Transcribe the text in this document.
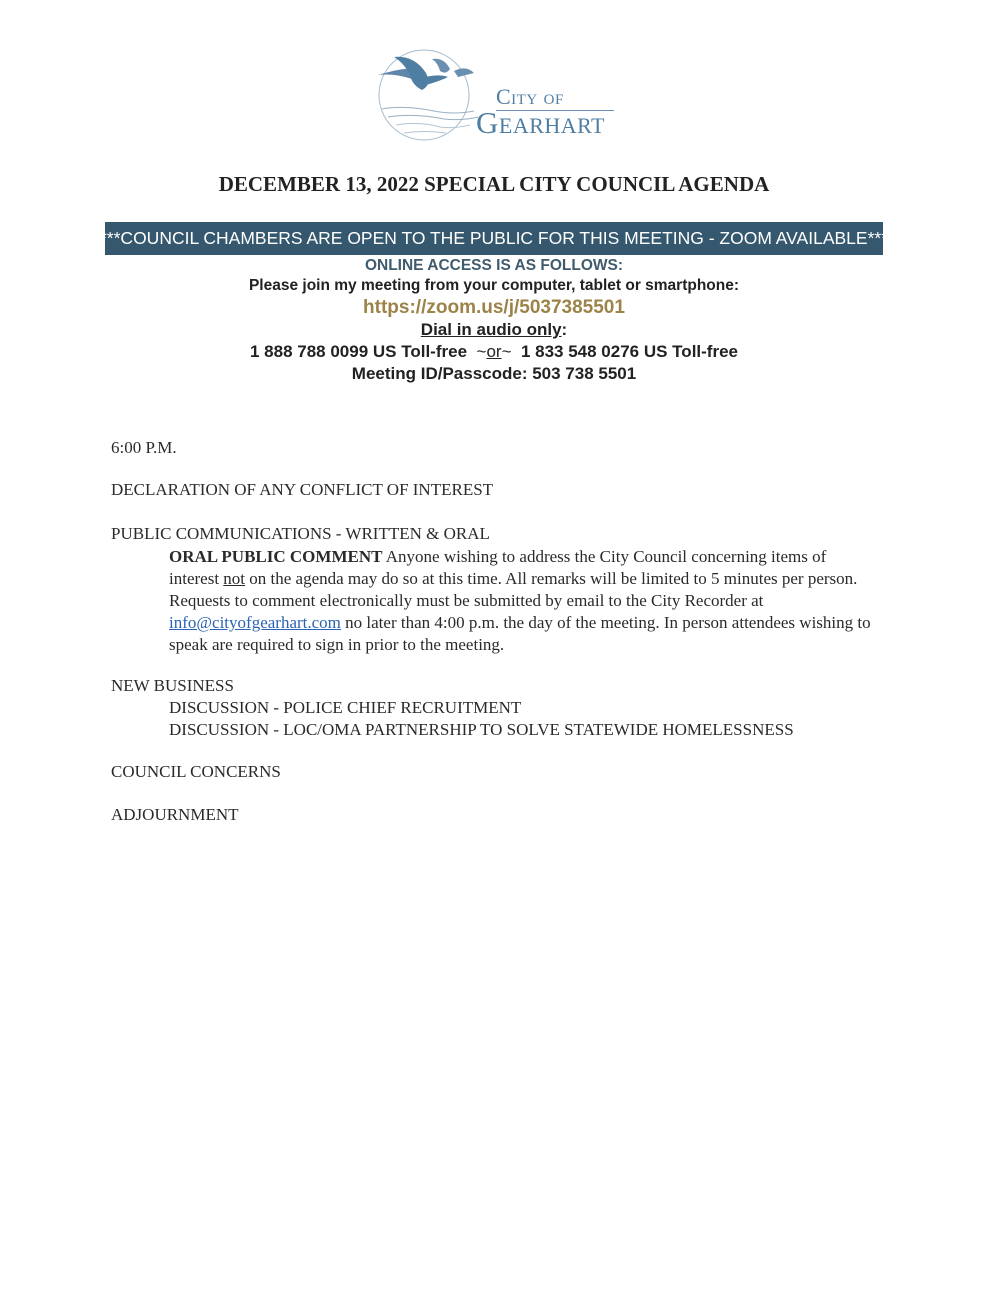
City of
Gearhart
DECEMBER 13, 2022 SPECIAL CITY COUNCIL AGENDA
***COUNCIL CHAMBERS ARE OPEN TO THE PUBLIC FOR THIS MEETING - ZOOM AVAILABLE***
ONLINE ACCESS IS AS FOLLOWS:
Please join my meeting from your computer, tablet or smartphone:
https://zoom.us/j/5037385501
Dial in audio only:
1 888 788 0099 US Toll-free ~or~ 1 833 548 0276 US Toll-free
Meeting ID/Passcode: 503 738 5501
6:00 P.M.
DECLARATION OF ANY CONFLICT OF INTEREST
PUBLIC COMMUNICATIONS - WRITTEN & ORAL
ORAL PUBLIC COMMENT Anyone wishing to address the City Council concerning items of interest not on the agenda may do so at this time. All remarks will be limited to 5 minutes per person. Requests to comment electronically must be submitted by email to the City Recorder at info@cityofgearhart.com no later than 4:00 p.m. the day of the meeting. In person attendees wishing to speak are required to sign in prior to the meeting.
NEW BUSINESS
DISCUSSION - POLICE CHIEF RECRUITMENT
DISCUSSION - LOC/OMA PARTNERSHIP TO SOLVE STATEWIDE HOMELESSNESS
COUNCIL CONCERNS
ADJOURNMENT
